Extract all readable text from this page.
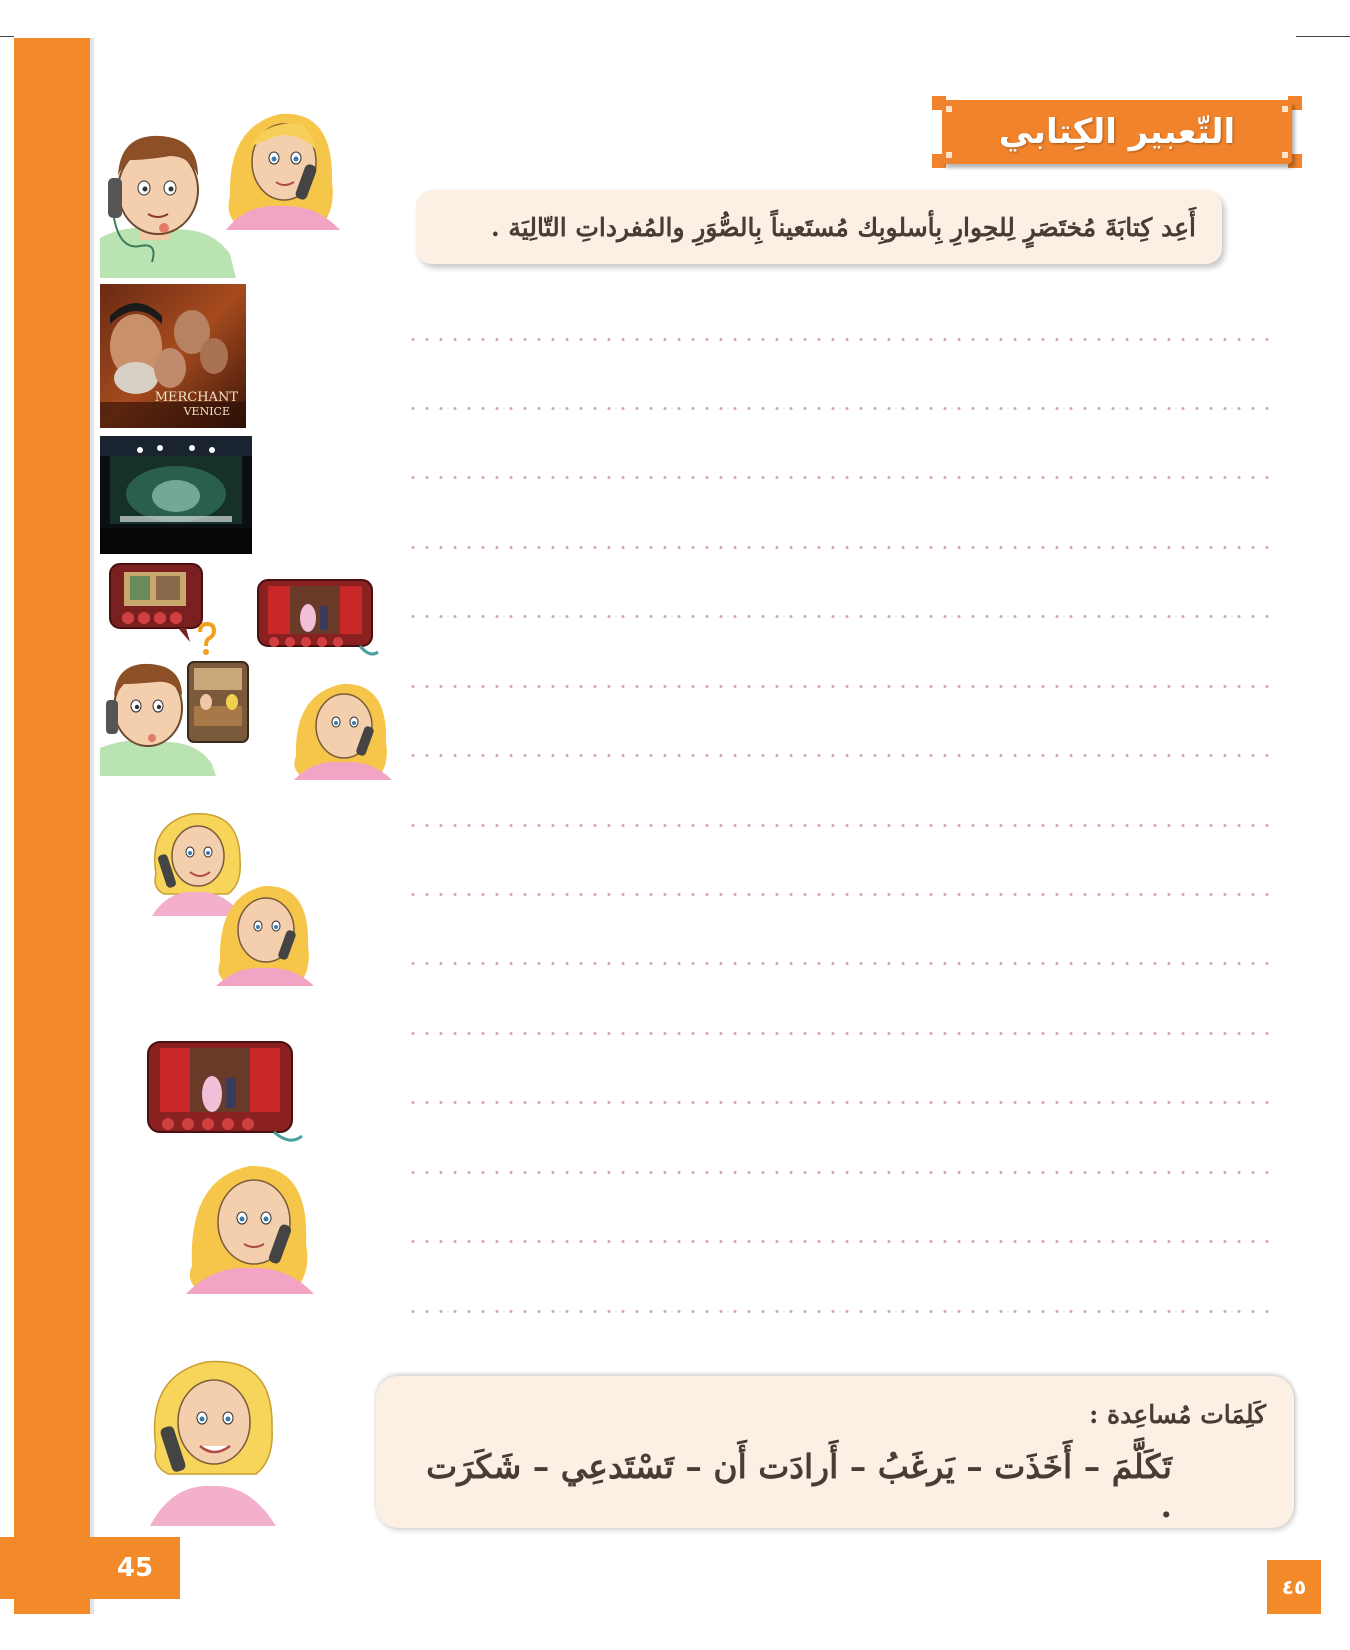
التّعبير الكِتابي
أَعِد كِتابَةَ مُختَصَرٍ لِلحِوارِ بِأسلوبِك مُستَعيناً بِالصُّوَرِ والمُفرداتِ التّالِيَة .
كَلِمَات مُساعِدة :
تَكَلَّمَ – أَخَذَت – يَرغَبُ – أَرادَت أَن – تَسْتَدعِي – شَكَرَت .
45
٤٥
MERCHANT
VENICE
